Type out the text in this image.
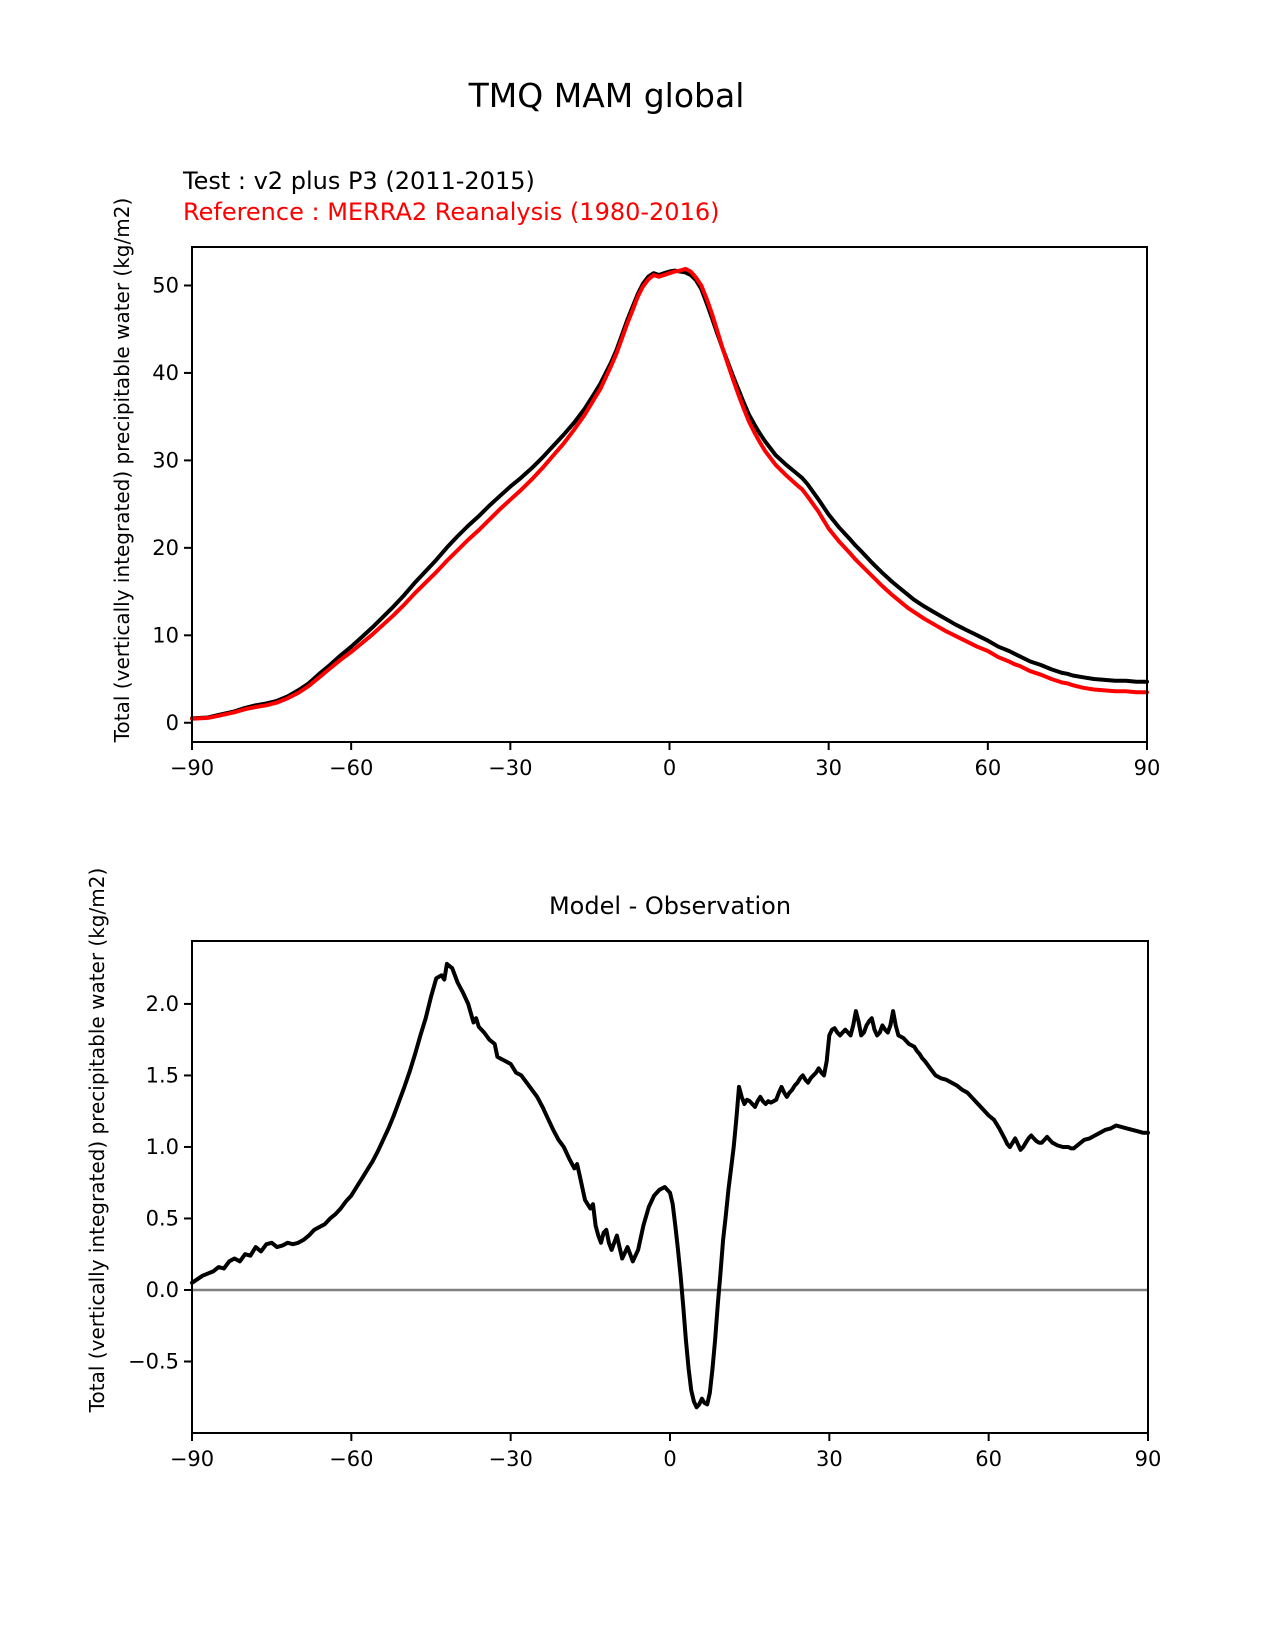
TMQ MAM global
Test : v2 plus P3 (2011-2015)
Reference : MERRA2 Reanalysis (1980-2016)
Total (vertically integrated) precipitable water (kg/m2)
Total (vertically integrated) precipitable water (kg/m2)	Model - Observation
−90	−60	−30	0	30	60	90
0
10
20
30
40
50
−90	−60	−30	0	30	60	90
−0.5
0.0
0.5
1.0
1.5
2.0
